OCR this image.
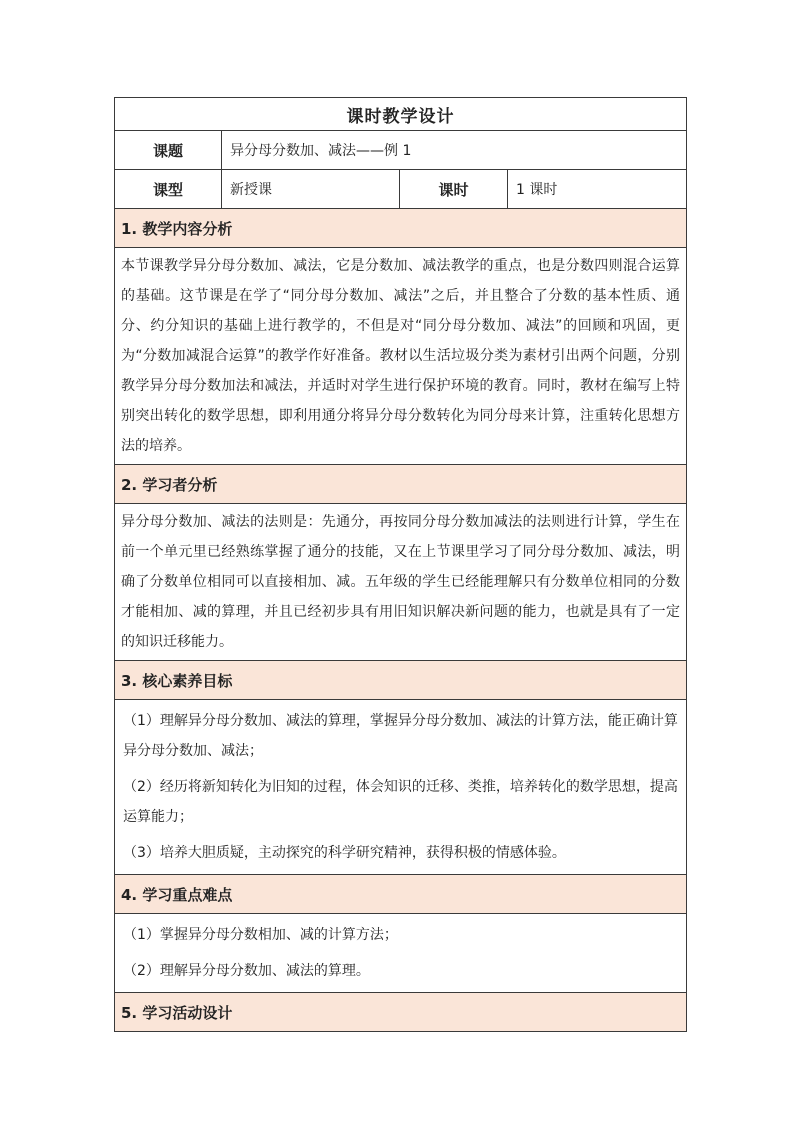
课时教学设计			
课题	异分母分数加、减法——例 1		
课型	新授课	课时	1 课时
1. 教学内容分析			
本节课教学异分母分数加、减法，它是分数加、减法教学的重点，也是分数四则混合运算的基础。这节课是在学了“同分母分数加、减法”之后，并且整合了分数的基本性质、通分、约分知识的基础上进行教学的，不但是对“同分母分数加、减法”的回顾和巩固，更为“分数加减混合运算”的教学作好准备。教材以生活垃圾分类为素材引出两个问题，分别教学异分母分数加法和减法，并适时对学生进行保护环境的教育。同时，教材在编写上特别突出转化的数学思想，即利用通分将异分母分数转化为同分母来计算，注重转化思想方法的培养。			
2. 学习者分析			
异分母分数加、减法的法则是：先通分，再按同分母分数加减法的法则进行计算，学生在前一个单元里已经熟练掌握了通分的技能，又在上节课里学习了同分母分数加、减法，明确了分数单位相同可以直接相加、减。五年级的学生已经能理解只有分数单位相同的分数才能相加、减的算理，并且已经初步具有用旧知识解决新问题的能力，也就是具有了一定的知识迁移能力。			
3. 核心素养目标			

（1）理解异分母分数加、减法的算理，掌握异分母分数加、减法的计算方法，能正确计算异分母分数加、减法；

（2）经历将新知转化为旧知的过程，体会知识的迁移、类推，培养转化的数学思想，提高运算能力；

（3）培养大胆质疑，主动探究的科学研究精神，获得积极的情感体验。			

4. 学习重点难点			

（1）掌握异分母分数相加、减的计算方法；

（2）理解异分母分数加、减法的算理。			

5. 学习活动设计			
